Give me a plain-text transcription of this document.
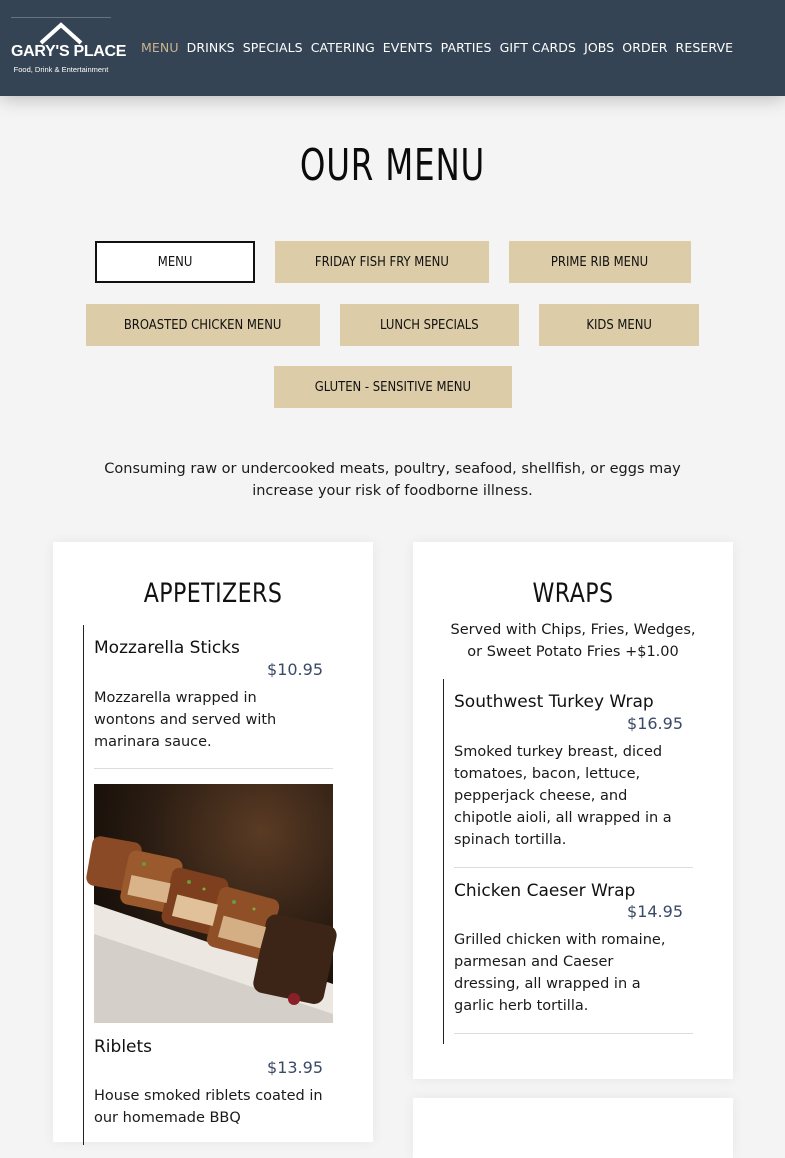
GARY'S PLACE
Food, Drink & Entertainment
MENU DRINKS SPECIALS CATERING EVENTS PARTIES GIFT CARDS JOBS ORDER RESERVE
OUR MENU
MENU	FRIDAY FISH FRY MENU	PRIME RIB MENU
BROASTED CHICKEN MENU	LUNCH SPECIALS	KIDS MENU
GLUTEN - SENSITIVE MENU

Consuming raw or undercooked meats, poultry, seafood, shellfish, or eggs may increase your risk of foodborne illness.

APPETIZERS
Mozzarella Sticks
$10.95
Mozzarella wrapped in wontons and served with marinara sauce.
Riblets
$13.95
House smoked riblets coated in our homemade BBQ
WRAPS
Served with Chips, Fries, Wedges, or Sweet Potato Fries +$1.00
Southwest Turkey Wrap
$16.95
Smoked turkey breast, diced tomatoes, bacon, lettuce, pepperjack cheese, and chipotle aioli, all wrapped in a spinach tortilla.
Chicken Caeser Wrap
$14.95
Grilled chicken with romaine, parmesan and Caeser dressing, all wrapped in a garlic herb tortilla.
